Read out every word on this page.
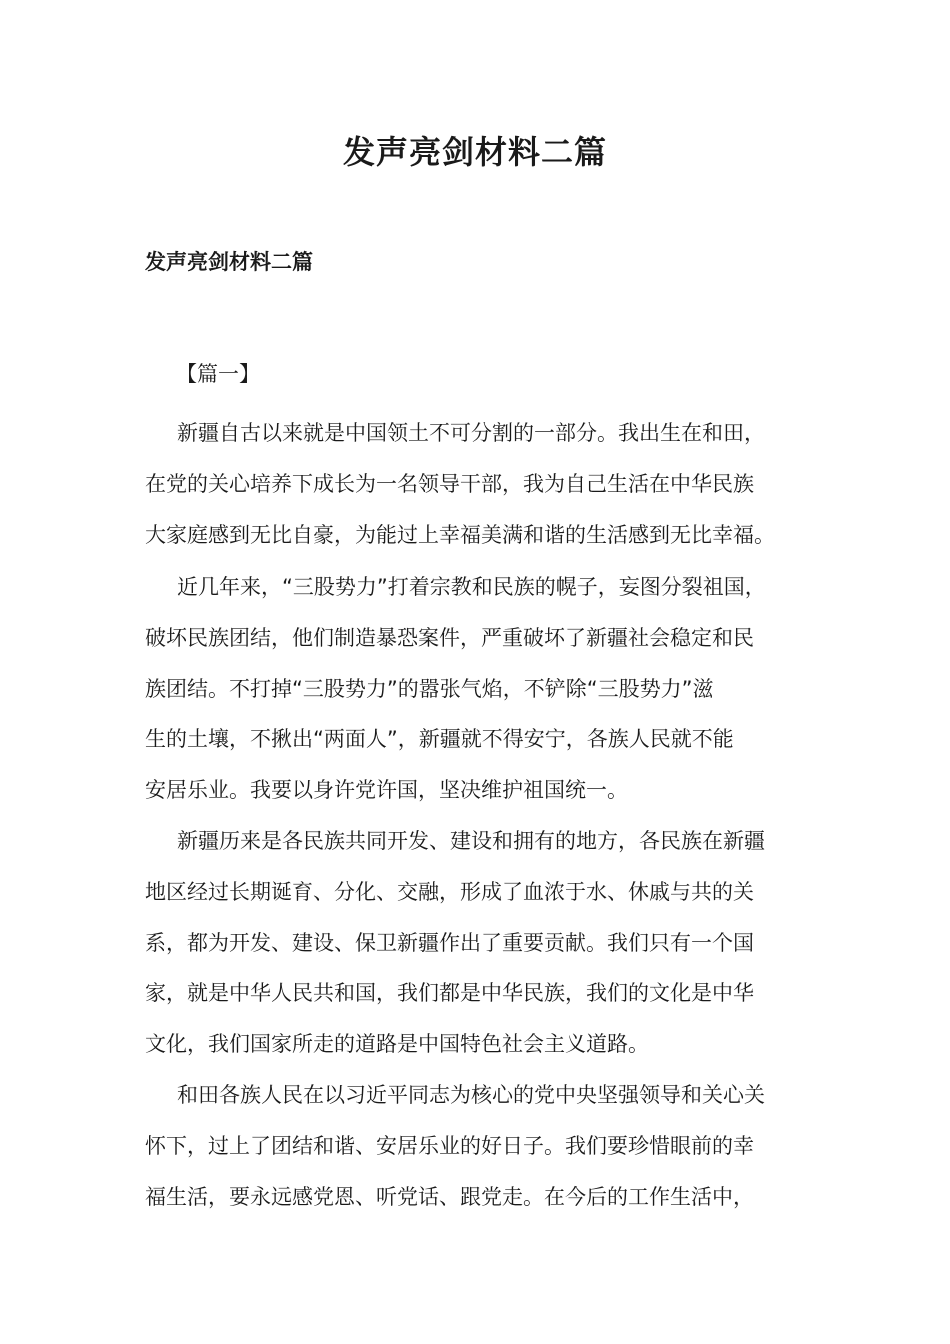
发声亮剑材料二篇
发声亮剑材料二篇
【篇一】
新疆自古以来就是中国领土不可分割的一部分。我出生在和田，
在党的关心培养下成长为一名领导干部，我为自己生活在中华民族
大家庭感到无比自豪，为能过上幸福美满和谐的生活感到无比幸福。
近几年来，“三股势力”打着宗教和民族的幌子，妄图分裂祖国，
破坏民族团结，他们制造暴恐案件，严重破坏了新疆社会稳定和民
族团结。不打掉“三股势力”的嚣张气焰，不铲除“三股势力”滋
生的土壤，不揪出“两面人”，新疆就不得安宁，各族人民就不能
安居乐业。我要以身许党许国，坚决维护祖国统一。
新疆历来是各民族共同开发、建设和拥有的地方，各民族在新疆
地区经过长期诞育、分化、交融，形成了血浓于水、休戚与共的关
系，都为开发、建设、保卫新疆作出了重要贡献。我们只有一个国
家，就是中华人民共和国，我们都是中华民族，我们的文化是中华
文化，我们国家所走的道路是中国特色社会主义道路。
和田各族人民在以习近平同志为核心的党中央坚强领导和关心关
怀下，过上了团结和谐、安居乐业的好日子。我们要珍惜眼前的幸
福生活，要永远感党恩、听党话、跟党走。在今后的工作生活中，
